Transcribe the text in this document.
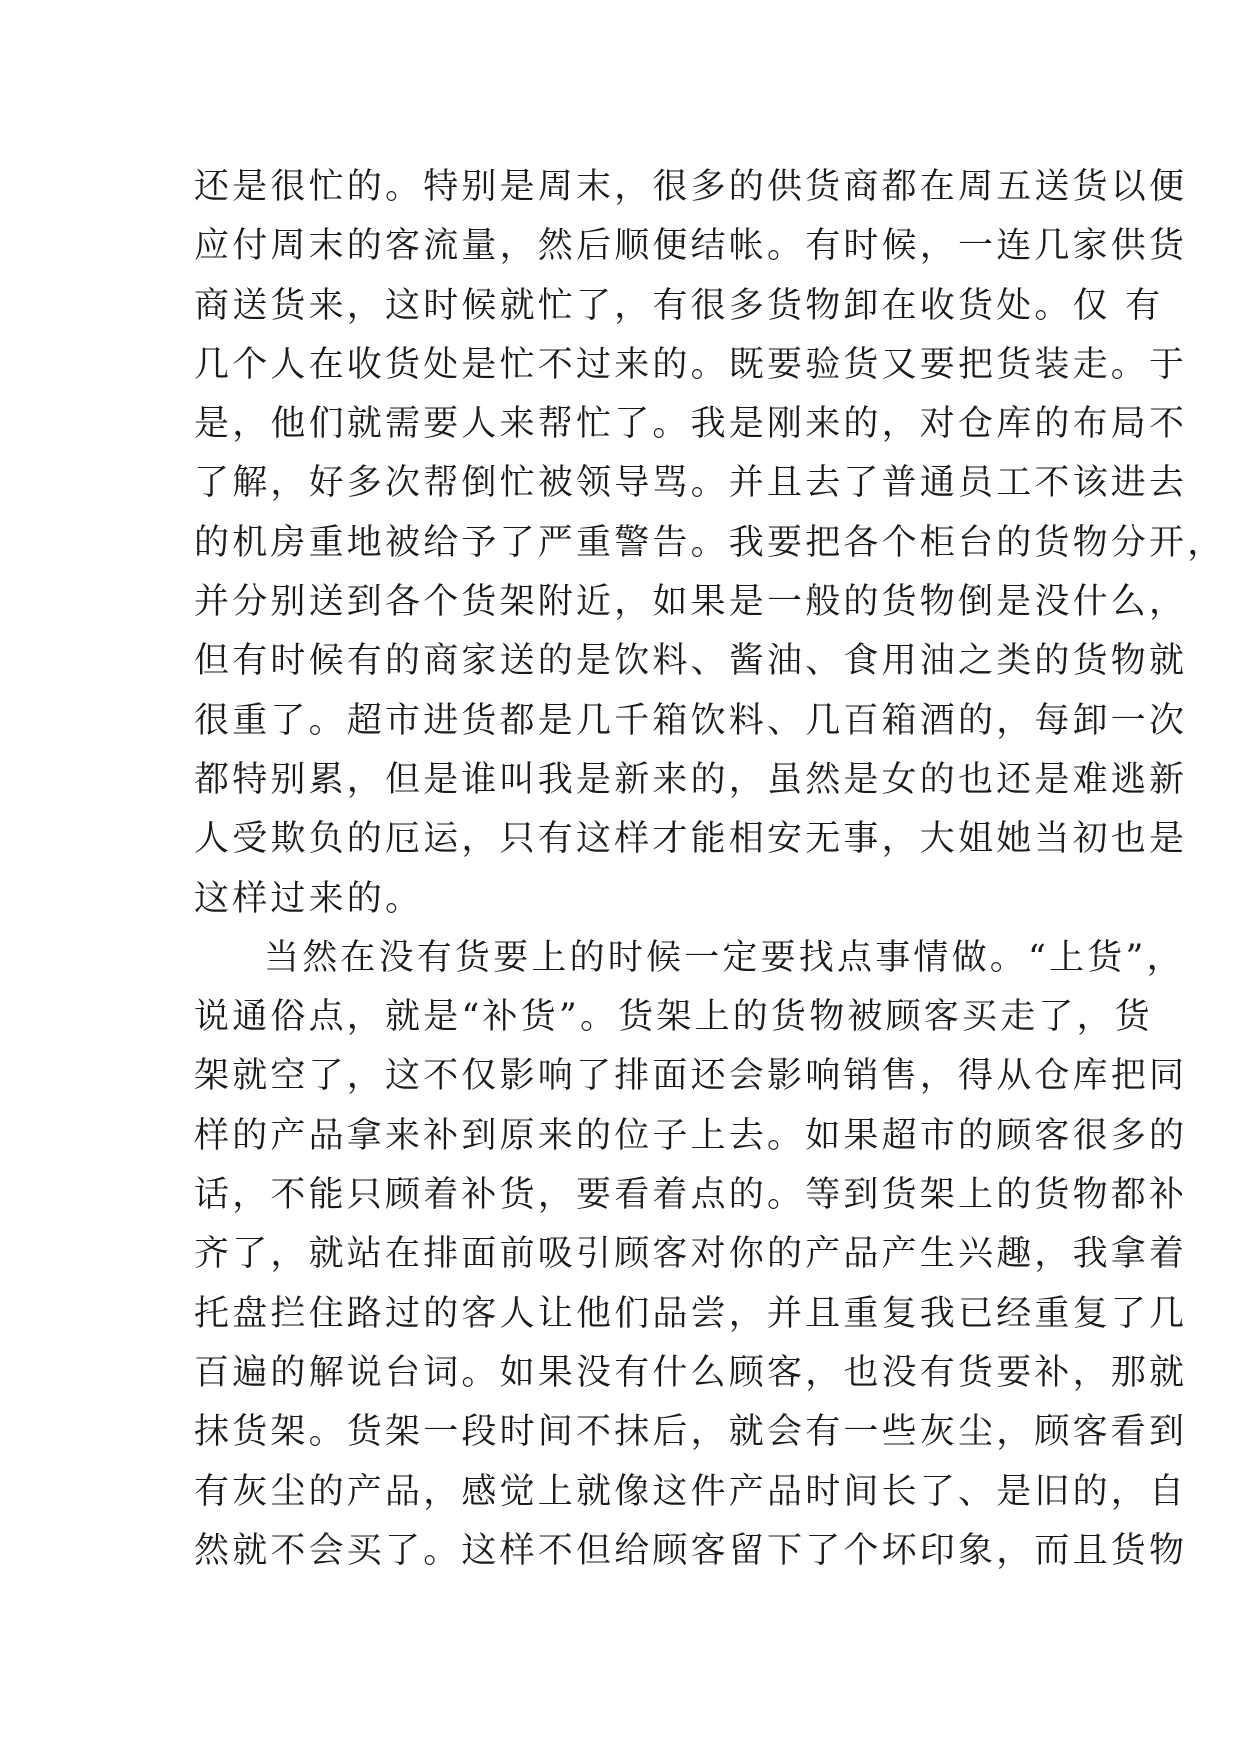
还是很忙的。特别是周末，很多的供货商都在周五送货以便
应付周末的客流量，然后顺便结帐。有时候，一连几家供货
商送货来，这时候就忙了，有很多货物卸在收货处。仅 有
几个人在收货处是忙不过来的。既要验货又要把货装走。于
是，他们就需要人来帮忙了。我是刚来的，对仓库的布局不
了解，好多次帮倒忙被领导骂。并且去了普通员工不该进去
的机房重地被给予了严重警告。我要把各个柜台的货物分开，
并分别送到各个货架附近，如果是一般的货物倒是没什么，
但有时候有的商家送的是饮料、酱油、食用油之类的货物就
很重了。超市进货都是几千箱饮料、几百箱酒的，每卸一次
都特别累，但是谁叫我是新来的，虽然是女的也还是难逃新
人受欺负的厄运，只有这样才能相安无事，大姐她当初也是
这样过来的。
当然在没有货要上的时候一定要找点事情做。“上货”，
说通俗点，就是“补货”。货架上的货物被顾客买走了，货
架就空了，这不仅影响了排面还会影响销售，得从仓库把同
样的产品拿来补到原来的位子上去。如果超市的顾客很多的
话，不能只顾着补货，要看着点的。等到货架上的货物都补
齐了，就站在排面前吸引顾客对你的产品产生兴趣，我拿着
托盘拦住路过的客人让他们品尝，并且重复我已经重复了几
百遍的解说台词。如果没有什么顾客，也没有货要补，那就
抹货架。货架一段时间不抹后，就会有一些灰尘，顾客看到
有灰尘的产品，感觉上就像这件产品时间长了、是旧的，自
然就不会买了。这样不但给顾客留下了个坏印象，而且货物
